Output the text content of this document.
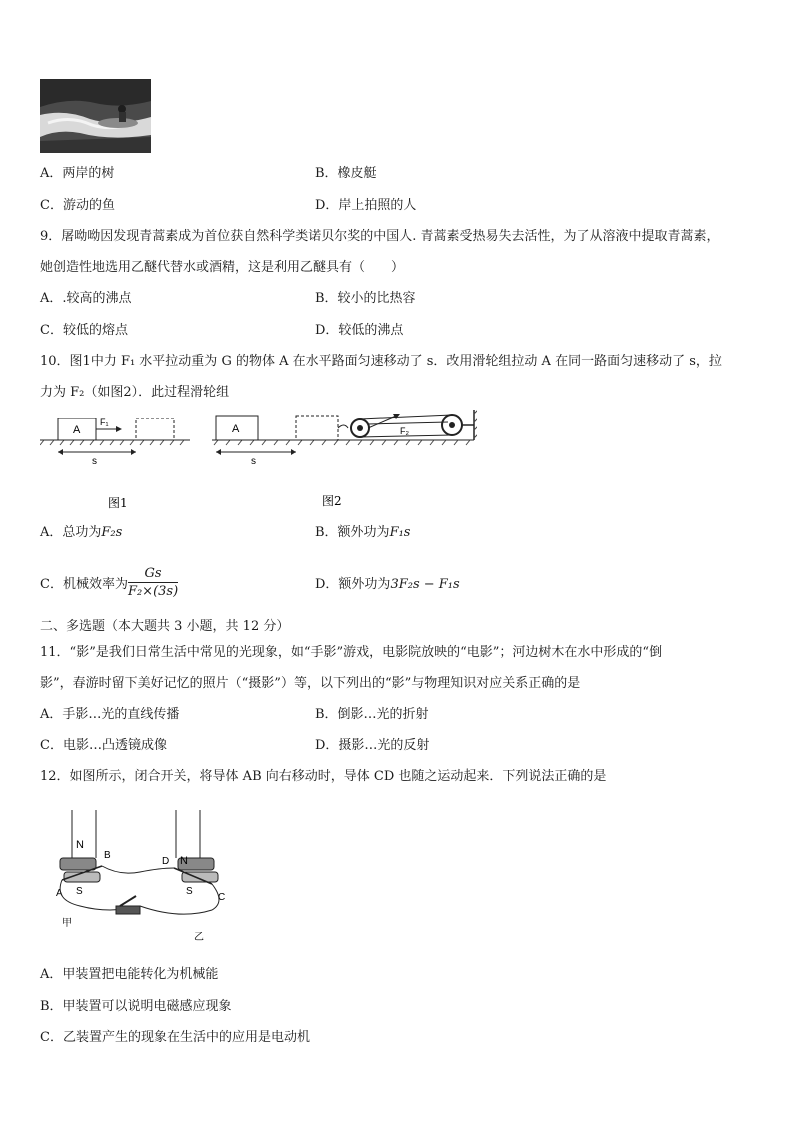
A．两岸的树	B．橡皮艇
C．游动的鱼	D．岸上拍照的人
9．屠呦呦因发现青蒿素成为首位获自然科学类诺贝尔奖的中国人. 青蒿素受热易失去活性，为了从溶液中提取青蒿素，
她创造性地选用乙醚代替水或酒精，这是利用乙醚具有（　　）
A．.较高的沸点	B．较小的比热容
C．较低的熔点	D．较低的沸点
10．图1中力 F₁ 水平拉动重为 G 的物体 A 在水平路面匀速移动了 s．改用滑轮组拉动 A 在同一路面匀速移动了 s，拉
力为 F₂（如图2）．此过程滑轮组
A
F₁
s
图1
A	F₂
s
图2
A．总功为F₂s	B．额外功为F₁s
C．机械效率为 $\frac{Gs}{\text{F₂×(3s)}}$	D．额外功为3F₂s − F₁s
二、多选题（本大题共 3 小题，共 12 分）
11．“影”是我们日常生活中常见的光现象，如“手影”游戏，电影院放映的“电影”；河边树木在水中形成的“倒
影”，春游时留下美好记忆的照片（“摄影”）等，以下列出的“影”与物理知识对应关系正确的是
A．手影…光的直线传播	B．倒影…光的折射
C．电影…凸透镜成像	D．摄影…光的反射
12．如图所示，闭合开关，将导体 AB 向右移动时，导体 CD 也随之运动起来．下列说法正确的是
N
B
S
A
D N
S
C
甲
乙
A．甲装置把电能转化为机械能
B．甲装置可以说明电磁感应现象
C．乙装置产生的现象在生活中的应用是电动机
